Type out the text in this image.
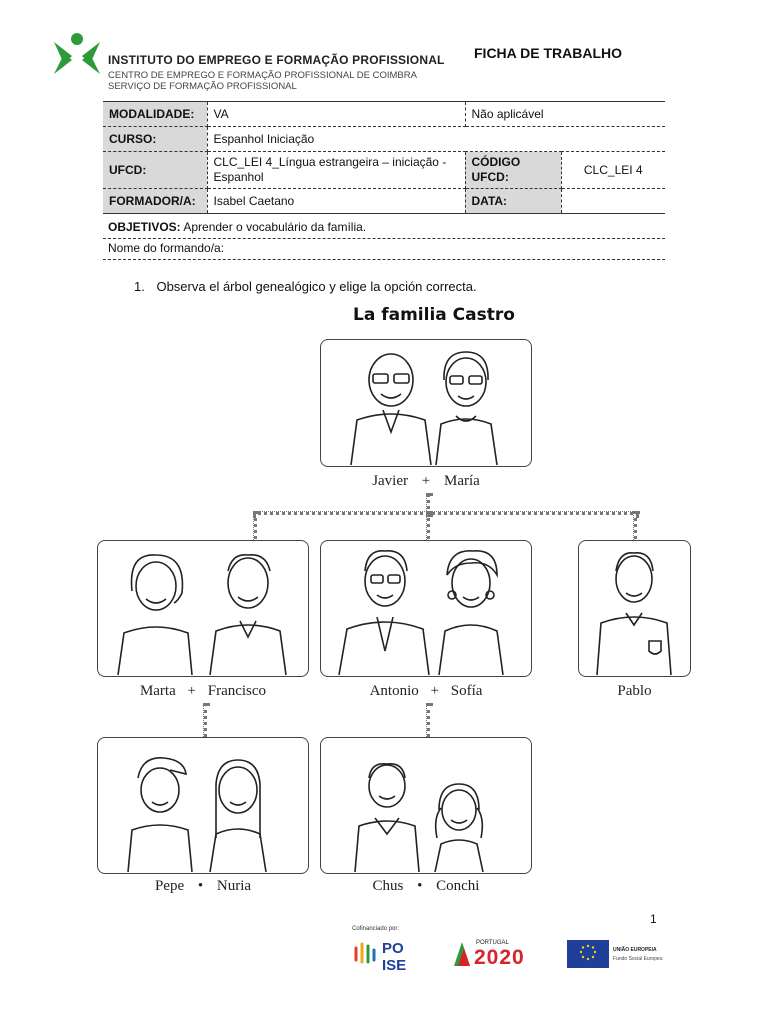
INSTITUTO DO EMPREGO E FORMAÇÃO PROFISSIONAL
CENTRO DE EMPREGO E FORMAÇÃO PROFISSIONAL DE COIMBRA
SERVIÇO DE FORMAÇÃO PROFISSIONAL
FICHA DE TRABALHO
MODALIDADE:	VA	Não aplicável	
CURSO:	Espanhol Iniciação		
UFCD:	CLC_LEI 4_Língua estrangeira – iniciação - Espanhol	CÓDIGO UFCD:	CLC_LEI 4
FORMADOR/A:	Isabel Caetano	DATA:	
OBJETIVOS: Aprender o vocabulário da família.
Nome do formando/a:
1. Observa el árbol genealógico y elige la opción correcta.
La familia Castro
Javier + María
Marta + Francisco	Antonio + Sofía	Pablo
Pepe • Nuria	Chus • Conchi
1
Cofinanciado por:
PO ISE
PORTUGAL
2020	UNIÃO EUROPEIA
Fundo Social Europeu
